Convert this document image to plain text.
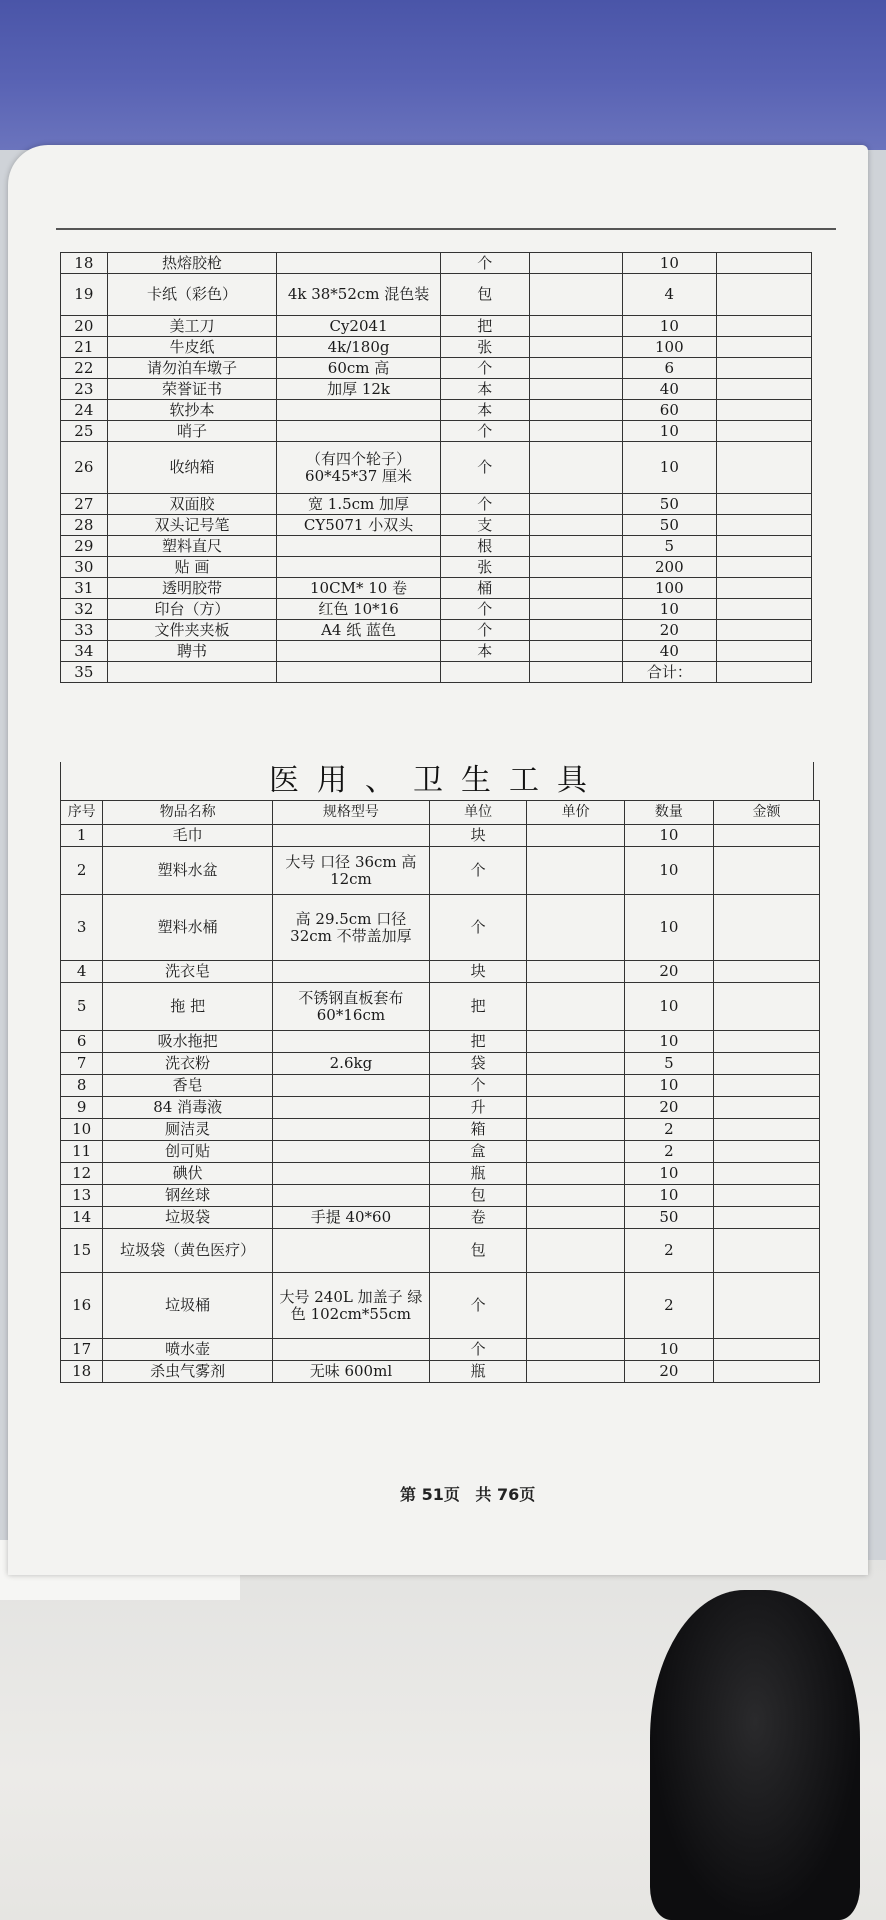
18	热熔胶枪		个		10	
19	卡纸（彩色）	4k 38*52cm 混色装	包		4	
20	美工刀	Cy2041	把		10	
21	牛皮纸	4k/180g	张		100	
22	请勿泊车墩子	60cm 高	个		6	
23	荣誉证书	加厚 12k	本		40	
24	软抄本		本		60	
25	哨子		个		10	
26	收纳箱	（有四个轮子）60*45*37 厘米	个		10	
27	双面胶	宽 1.5cm 加厚	个		50	
28	双头记号笔	CY5071 小双头	支		50	
29	塑料直尺		根		5	
30	贴 画		张		200	
31	透明胶带	10CM* 10 卷	桶		100	
32	印台（方）	红色 10*16	个		10	
33	文件夹夹板	A4 纸 蓝色	个		20	
34	聘书		本		40	
35					合计：	
医用、卫生工具
序号	物品名称	规格型号	单位	单价	数量	金额
1	毛巾		块		10	
2	塑料水盆	大号 口径 36cm 高 12cm	个		10	
3	塑料水桶	高 29.5cm 口径 32cm 不带盖加厚	个		10	
4	洗衣皂		块		20	
5	拖 把	不锈钢直板套布 60*16cm	把		10	
6	吸水拖把		把		10	
7	洗衣粉	2.6kg	袋		5	
8	香皂		个		10	
9	84 消毒液		升		20	
10	厕洁灵		箱		2	
11	创可贴		盒		2	
12	碘伏		瓶		10	
13	钢丝球		包		10	
14	垃圾袋	手提 40*60	卷		50	
15	垃圾袋（黄色医疗）		包		2	
16	垃圾桶	大号 240L 加盖子 绿色 102cm*55cm	个		2	
17	喷水壶		个		10	
18	杀虫气雾剂	无味 600ml	瓶		20	
第 51页 共 76页
